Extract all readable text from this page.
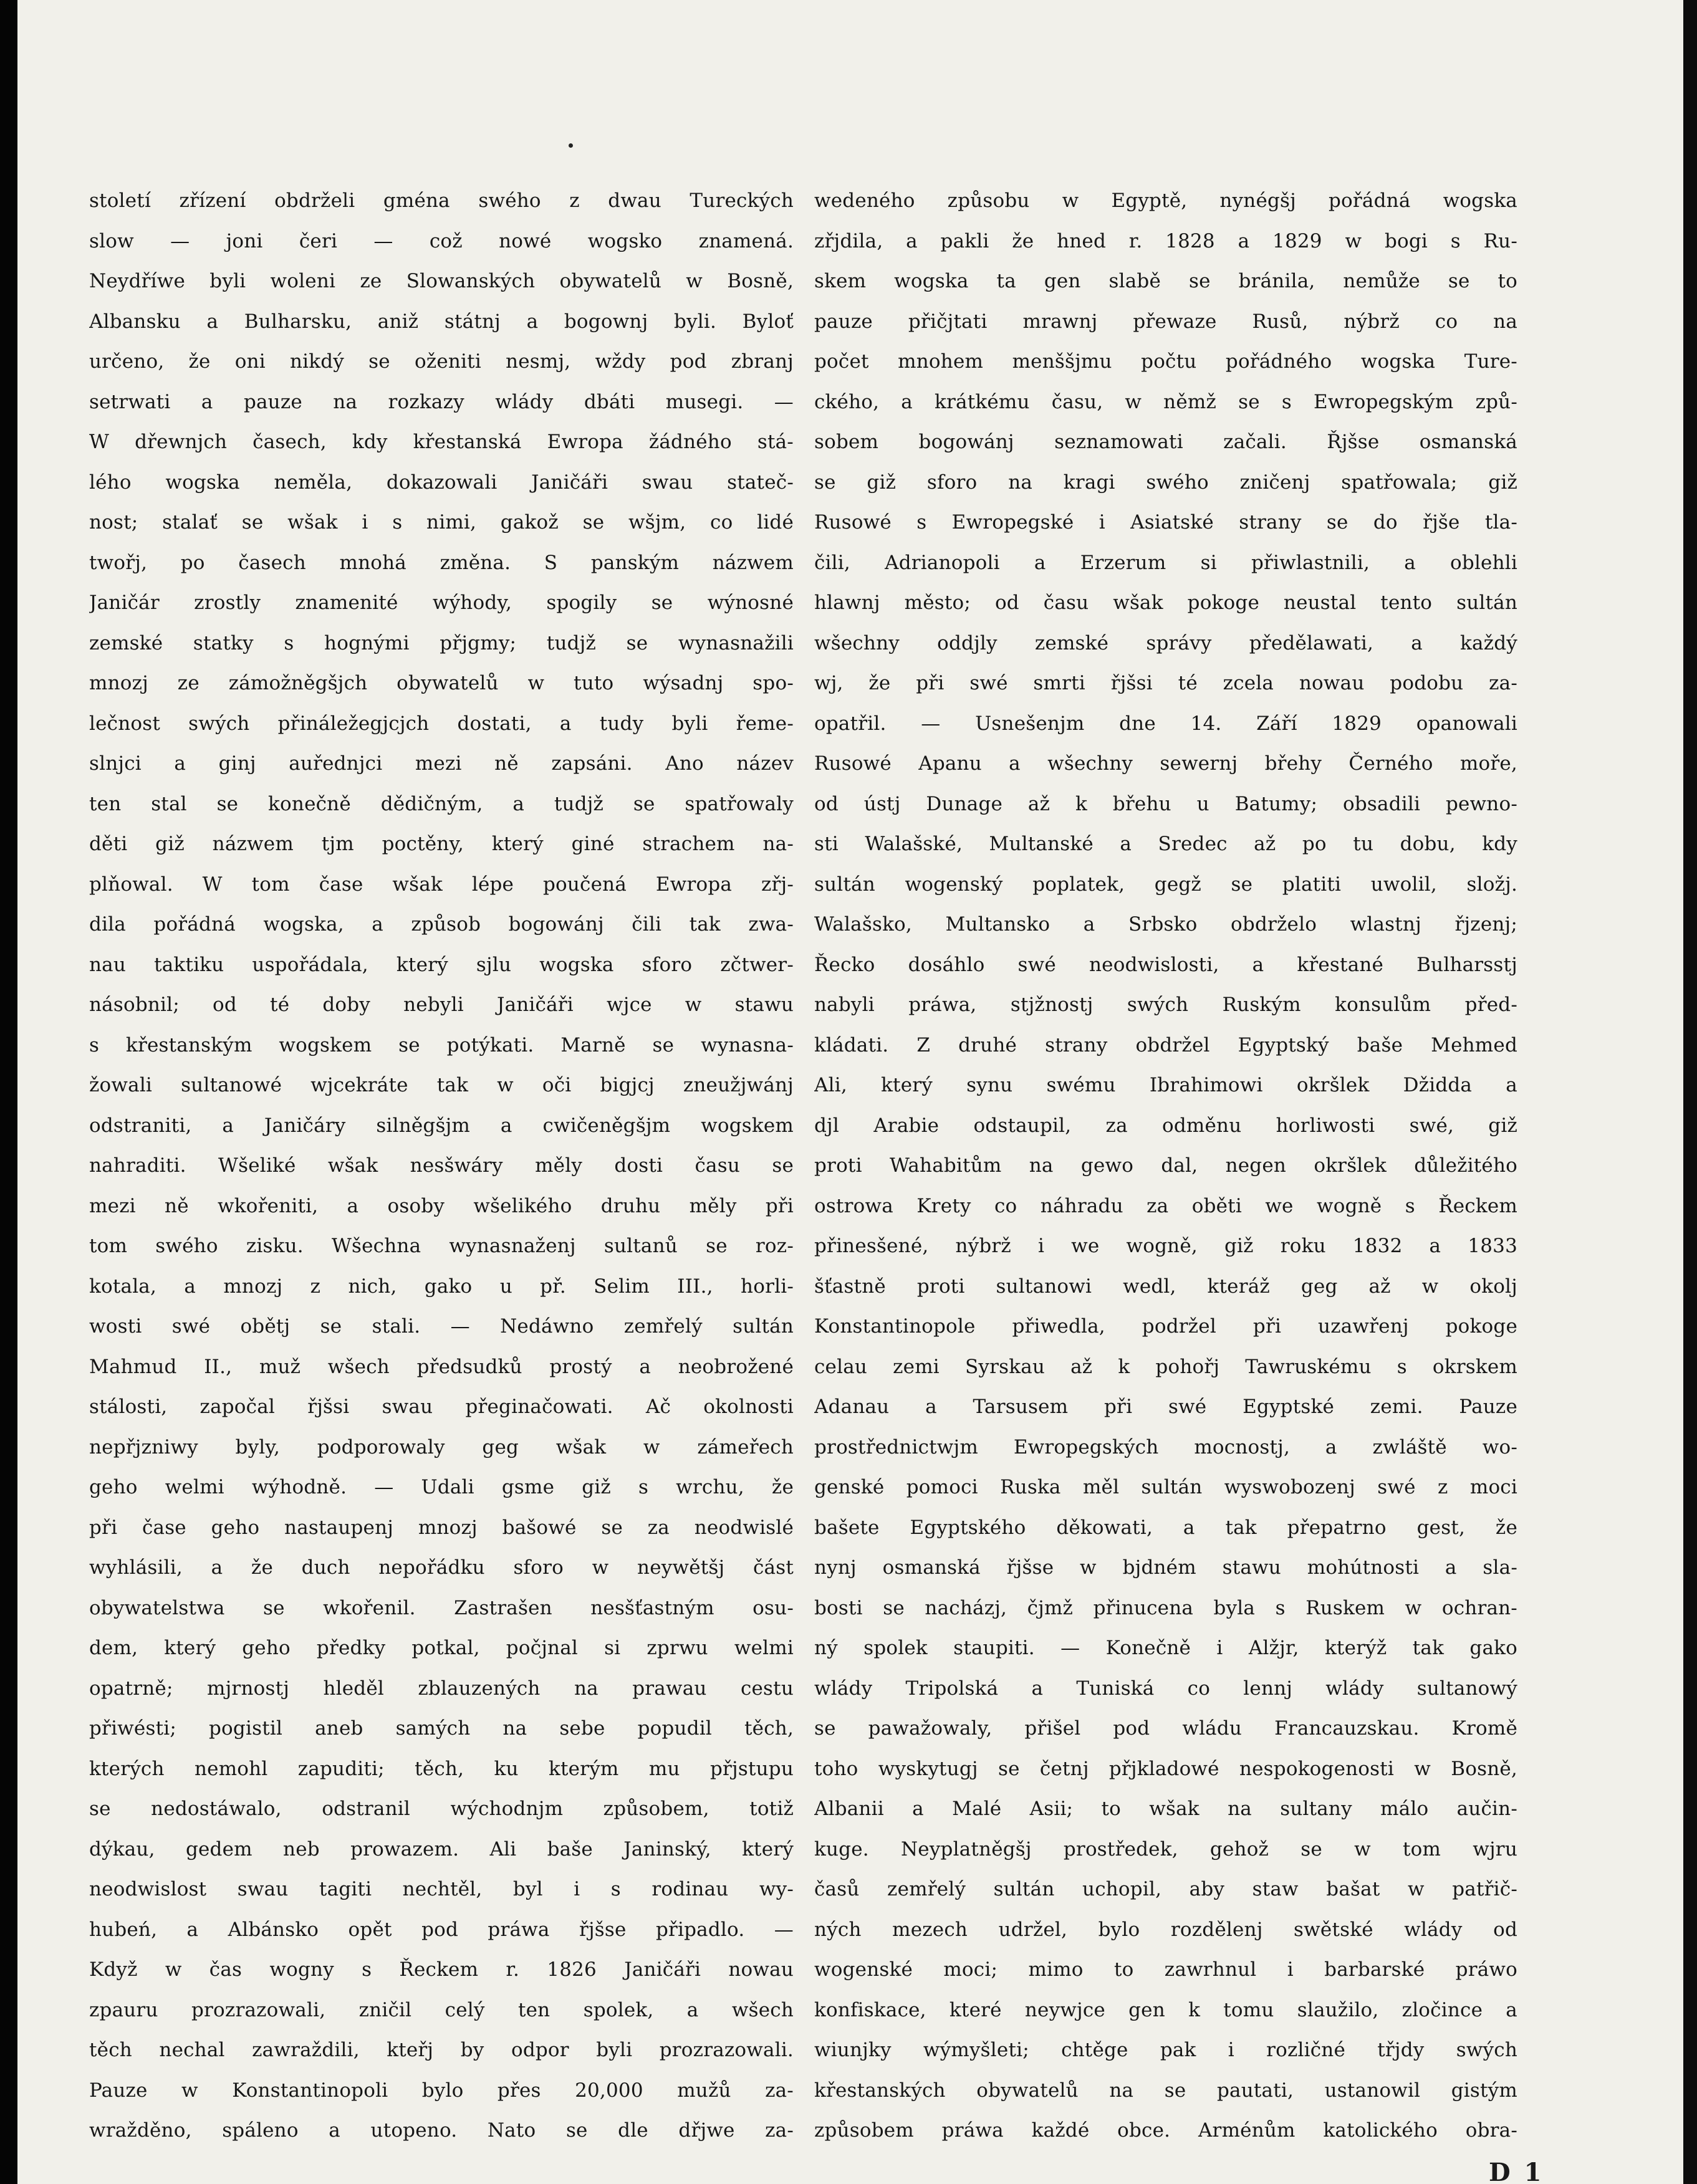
století zřízení obdrželi gména swého z dwau Tureckých
slow — joni čeri — což nowé wogsko znamená.
Neydříwe byli woleni ze Slowanských obywatelů w Bosně,
Albansku a Bulharsku, aniž státnj a bogownj byli. Byloť
určeno, že oni nikdý se oženiti nesmj, wždy pod zbranj
setrwati a pauze na rozkazy wlády dbáti musegi. —
W dřewnjch časech, kdy křestanská Ewropa žádného stá-
lého wogska neměla, dokazowali Janičáři swau stateč-
nost; stalať se wšak i s nimi, gakož se wšjm, co lidé
twořj, po časech mnohá změna. S panským názwem
Janičár zrostly znamenité wýhody, spogily se wýnosné
zemské statky s hognými přjgmy; tudjž se wynasnažili
mnozj ze zámožněgšjch obywatelů w tuto wýsadnj spo-
lečnost swých přináležegjcjch dostati, a tudy byli řeme-
slnjci a ginj auřednjci mezi ně zapsáni. Ano název
ten stal se konečně dědičným, a tudjž se spatřowaly
děti giž názwem tjm poctěny, který giné strachem na-
plňowal. W tom čase wšak lépe poučená Ewropa zřj-
dila pořádná wogska, a způsob bogowánj čili tak zwa-
nau taktiku uspořádala, který sjlu wogska sforo zčtwer-
násobnil; od té doby nebyli Janičáři wjce w stawu
s křestanským wogskem se potýkati. Marně se wynasna-
žowali sultanowé wjcekráte tak w oči bigjcj zneužjwánj
odstraniti, a Janičáry silněgšjm a cwičeněgšjm wogskem
nahraditi. Wšeliké wšak nesšwáry měly dosti času se
mezi ně wkořeniti, a osoby wšelikého druhu měly při
tom swého zisku. Wšechna wynasnaženj sultanů se roz-
kotala, a mnozj z nich, gako u př. Selim III., horli-
wosti swé obětj se stali. — Nedáwno zemřelý sultán
Mahmud II., muž wšech předsudků prostý a neobrožené
stálosti, započal řjšsi swau přeginačowati. Ač okolnosti
nepřjzniwy byly, podporowaly geg wšak w zámeřech
geho welmi wýhodně. — Udali gsme giž s wrchu, že
při čase geho nastaupenj mnozj bašowé se za neodwislé
wyhlásili, a že duch nepořádku sforo w neywětšj část
obywatelstwa se wkořenil. Zastrašen nesšťastným osu-
dem, který geho předky potkal, počjnal si zprwu welmi
opatrně; mjrnostj hleděl zblauzených na prawau cestu
přiwésti; pogistil aneb samých na sebe popudil těch,
kterých nemohl zapuditi; těch, ku kterým mu přjstupu
se nedostáwalo, odstranil wýchodnjm způsobem, totiž
dýkau, gedem neb prowazem. Ali baše Janinský, který
neodwislost swau tagiti nechtěl, byl i s rodinau wy-
hubeń, a Albánsko opět pod práwa řjšse připadlo. —
Když w čas wogny s Řeckem r. 1826 Janičáři nowau
zpauru prozrazowali, zničil celý ten spolek, a wšech
těch nechal zawraždili, kteřj by odpor byli prozrazowali.
Pauze w Konstantinopoli bylo přes 20,000 mužů za-
wražděno, spáleno a utopeno. Nato se dle dřjwe za-
wedeného způsobu w Egyptě, nynégšj pořádná wogska
zřjdila, a pakli že hned r. 1828 a 1829 w bogi s Ru-
skem wogska ta gen slabě se bránila, nemůže se to
pauze přičjtati mrawnj přewaze Rusů, nýbrž co na
počet mnohem menššjmu počtu pořádného wogska Ture-
ckého, a krátkému času, w němž se s Ewropegským způ-
sobem bogowánj seznamowati začali. Řjšse osmanská
se giž sforo na kragi swého zničenj spatřowala; giž
Rusowé s Ewropegské i Asiatské strany se do řjše tla-
čili, Adrianopoli a Erzerum si přiwlastnili, a oblehli
hlawnj město; od času wšak pokoge neustal tento sultán
wšechny oddjly zemské správy předělawati, a každý
wj, že při swé smrti řjšsi té zcela nowau podobu za-
opatřil. — Usnešenjm dne 14. Září 1829 opanowali
Rusowé Apanu a wšechny sewernj břehy Černého moře,
od ústj Dunage až k břehu u Batumy; obsadili pewno-
sti Walašské, Multanské a Sredec až po tu dobu, kdy
sultán wogenský poplatek, gegž se platiti uwolil, složj.
Walašsko, Multansko a Srbsko obdrželo wlastnj řjzenj;
Řecko dosáhlo swé neodwislosti, a křestané Bulharsstj
nabyli práwa, stjžnostj swých Ruským konsulům před-
kládati. Z druhé strany obdržel Egyptský baše Mehmed
Ali, který synu swému Ibrahimowi okršlek Džidda a
djl Arabie odstaupil, za odměnu horliwosti swé, giž
proti Wahabitům na gewo dal, negen okršlek důležitého
ostrowa Krety co náhradu za oběti we wogně s Řeckem
přinesšené, nýbrž i we wogně, giž roku 1832 a 1833
šťastně proti sultanowi wedl, kteráž geg až w okolj
Konstantinopole přiwedla, podržel při uzawřenj pokoge
celau zemi Syrskau až k pohořj Tawruskému s okrskem
Adanau a Tarsusem při swé Egyptské zemi. Pauze
prostřednictwjm Ewropegských mocnostj, a zwláště wo-
genské pomoci Ruska měl sultán wyswobozenj swé z moci
bašete Egyptského děkowati, a tak přepatrno gest, že
nynj osmanská řjšse w bjdném stawu mohútnosti a sla-
bosti se nacházj, čjmž přinucena byla s Ruskem w ochran-
ný spolek staupiti. — Konečně i Alžjr, kterýž tak gako
wlády Tripolská a Tuniská co lennj wlády sultanowý
se pawažowaly, přišel pod wládu Francauzskau. Kromě
toho wyskytugj se četnj přjkladowé nespokogenosti w Bosně,
Albanii a Malé Asii; to wšak na sultany málo aučin-
kuge. Neyplatněgšj prostředek, gehož se w tom wjru
časů zemřelý sultán uchopil, aby staw bašat w patřič-
ných mezech udržel, bylo rozdělenj swětské wlády od
wogenské moci; mimo to zawrhnul i barbarské práwo
konfiskace, které neywjce gen k tomu slaužilo, zločince a
wiunjky wýmyšleti; chtěge pak i rozličné třjdy swých
křestanských obywatelů na se pautati, ustanowil gistým
způsobem práwa každé obce. Arménům katolického obra-
D 1
